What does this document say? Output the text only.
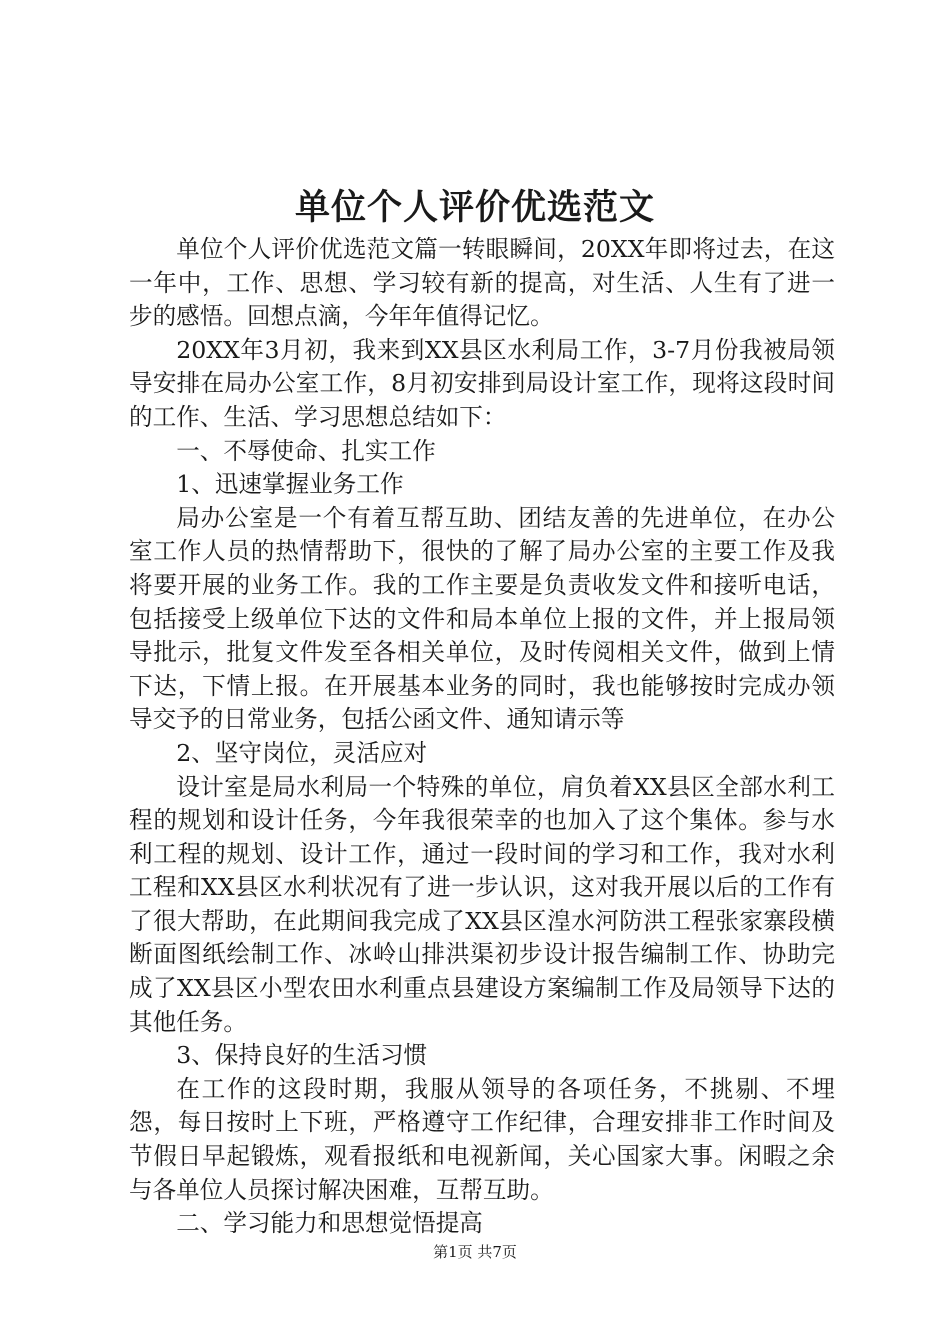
单位个人评价优选范文

单位个人评价优选范文篇一转眼瞬间，20XX年即将过去，在这一年中，工作、思想、学习较有新的提高，对生活、人生有了进一步的感悟。回想点滴，今年年值得记忆。

20XX年3月初，我来到XX县区水利局工作，3-7月份我被局领导安排在局办公室工作，8月初安排到局设计室工作，现将这段时间的工作、生活、学习思想总结如下：

一、不辱使命、扎实工作

1、迅速掌握业务工作

局办公室是一个有着互帮互助、团结友善的先进单位，在办公室工作人员的热情帮助下，很快的了解了局办公室的主要工作及我将要开展的业务工作。我的工作主要是负责收发文件和接听电话，包括接受上级单位下达的文件和局本单位上报的文件，并上报局领导批示，批复文件发至各相关单位，及时传阅相关文件，做到上情下达，下情上报。在开展基本业务的同时，我也能够按时完成办领导交予的日常业务，包括公函文件、通知请示等

2、坚守岗位，灵活应对

设计室是局水利局一个特殊的单位，肩负着XX县区全部水利工程的规划和设计任务，今年我很荣幸的也加入了这个集体。参与水利工程的规划、设计工作，通过一段时间的学习和工作，我对水利工程和XX县区水利状况有了进一步认识，这对我开展以后的工作有了很大帮助，在此期间我完成了XX县区湟水河防洪工程张家寨段横断面图纸绘制工作、冰岭山排洪渠初步设计报告编制工作、协助完成了XX县区小型农田水利重点县建设方案编制工作及局领导下达的其他任务。

3、保持良好的生活习惯

在工作的这段时期，我服从领导的各项任务，不挑剔、不埋怨，每日按时上下班，严格遵守工作纪律，合理安排非工作时间及节假日早起锻炼，观看报纸和电视新闻，关心国家大事。闲暇之余与各单位人员探讨解决困难，互帮互助。

二、学习能力和思想觉悟提高

第1页 共7页
